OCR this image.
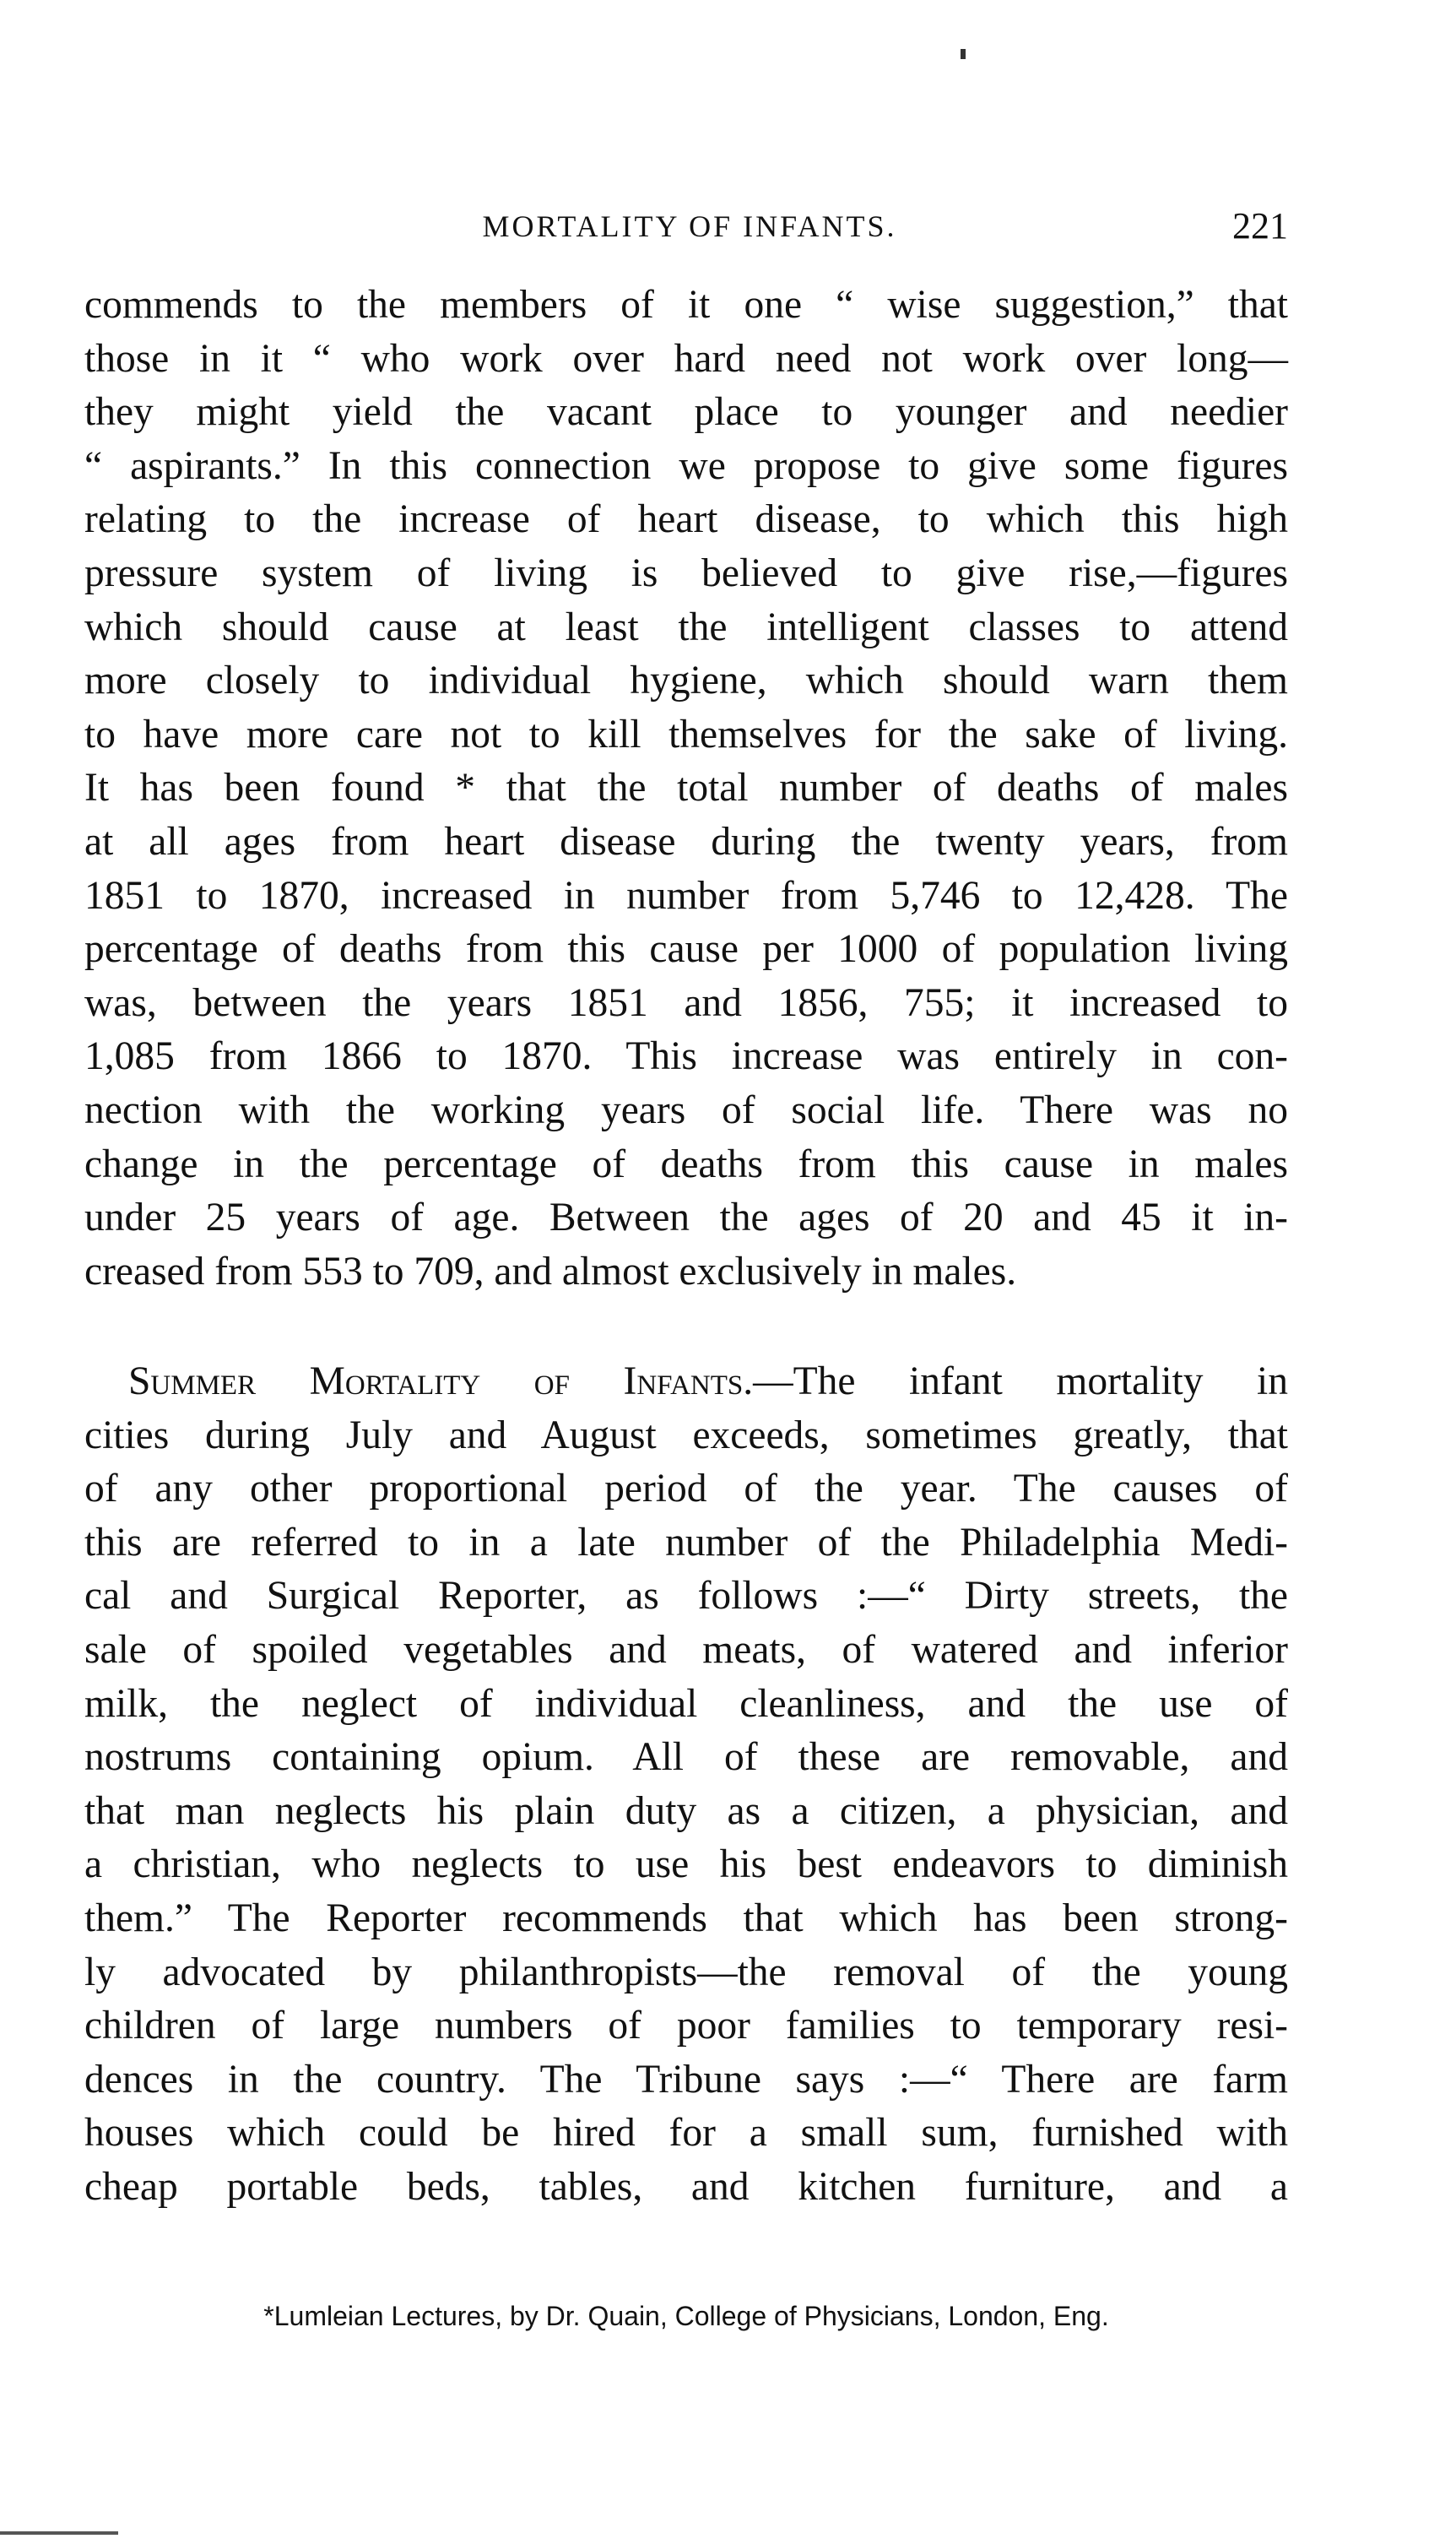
MORTALITY OF INFANTS.	221
commends to the members of it one “ wise suggestion,” that
those in it “ who work over hard need not work over long—
they might yield the vacant place to younger and needier
“ aspirants.” In this connection we propose to give some figures
relating to the increase of heart disease, to which this high
pressure system of living is believed to give rise,—figures
which should cause at least the intelligent classes to attend
more closely to individual hygiene, which should warn them
to have more care not to kill themselves for the sake of living.
It has been found * that the total number of deaths of males
at all ages from heart disease during the twenty years, from
1851 to 1870, increased in number from 5,746 to 12,428. The
percentage of deaths from this cause per 1000 of population living
was, between the years 1851 and 1856, 755; it increased to
1,085 from 1866 to 1870. This increase was entirely in con-
nection with the working years of social life. There was no
change in the percentage of deaths from this cause in males
under 25 years of age. Between the ages of 20 and 45 it in-
creased from 553 to 709, and almost exclusively in males.
Summer Mortality of Infants.—The infant mortality in
cities during July and August exceeds, sometimes greatly, that
of any other proportional period of the year. The causes of
this are referred to in a late number of the Philadelphia Medi-
cal and Surgical Reporter, as follows :—“ Dirty streets, the
sale of spoiled vegetables and meats, of watered and inferior
milk, the neglect of individual cleanliness, and the use of
nostrums containing opium. All of these are removable, and
that man neglects his plain duty as a citizen, a physician, and
a christian, who neglects to use his best endeavors to diminish
them.” The Reporter recommends that which has been strong-
ly advocated by philanthropists—the removal of the young
children of large numbers of poor families to temporary resi-
dences in the country. The Tribune says :—“ There are farm
houses which could be hired for a small sum, furnished with
cheap portable beds, tables, and kitchen furniture, and a
*Lumleian Lectures, by Dr. Quain, College of Physicians, London, Eng.
